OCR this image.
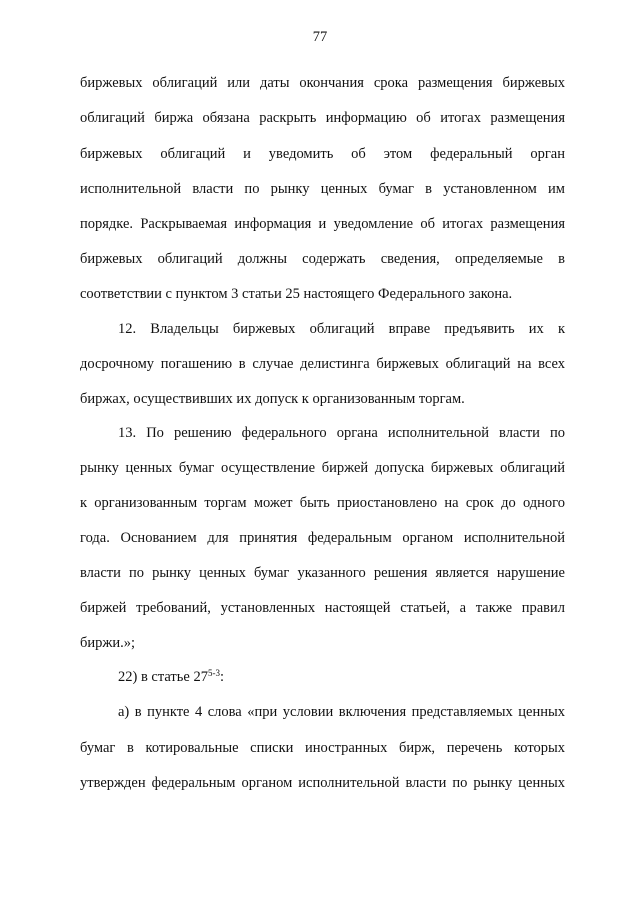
77
биржевых облигаций или даты окончания срока размещения биржевых
облигаций биржа обязана раскрыть информацию об итогах размещения
биржевых облигаций и уведомить об этом федеральный орган
исполнительной власти по рынку ценных бумаг в установленном им
порядке. Раскрываемая информация и уведомление об итогах размещения
биржевых облигаций должны содержать сведения, определяемые в
соответствии с пунктом 3 статьи 25 настоящего Федерального закона.
12. Владельцы биржевых облигаций вправе предъявить их к
досрочному погашению в случае делистинга биржевых облигаций на всех
биржах, осуществивших их допуск к организованным торгам.
13. По решению федерального органа исполнительной власти по
рынку ценных бумаг осуществление биржей допуска биржевых облигаций
к организованным торгам может быть приостановлено на срок до одного
года. Основанием для принятия федеральным органом исполнительной
власти по рынку ценных бумаг указанного решения является нарушение
биржей требований, установленных настоящей статьей, а также правил
биржи.»;
22) в статье 27$^{5-3}$:
а) в пункте 4 слова «при условии включения представляемых ценных
бумаг в котировальные списки иностранных бирж, перечень которых
утвержден федеральным органом исполнительной власти по рынку ценных
